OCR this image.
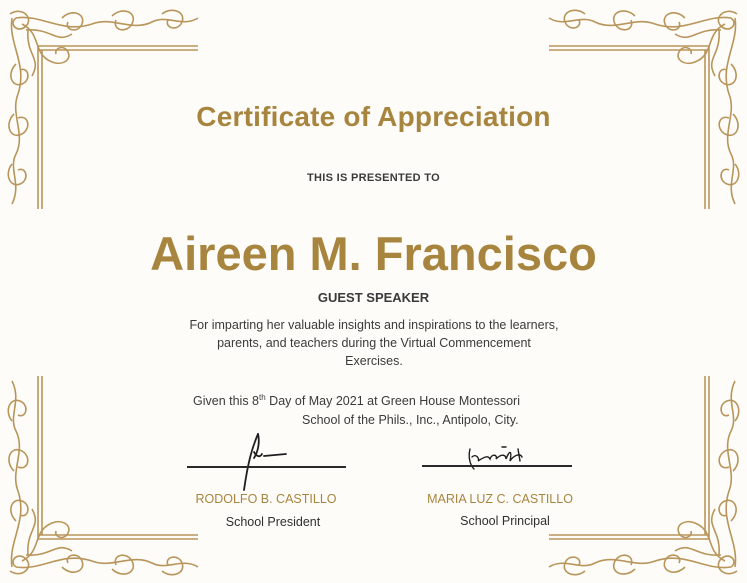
Certificate of Appreciation
THIS IS PRESENTED TO
Aireen M. Francisco
GUEST SPEAKER
For imparting her valuable insights and inspirations to the learners,
parents, and teachers during the Virtual Commencement
Exercises.
Given this 8th Day of May 2021 at Green House Montessori
School of the Phils., Inc., Antipolo, City.
RODOLFO B. CASTILLO
School President
MARIA LUZ C. CASTILLO
School Principal
